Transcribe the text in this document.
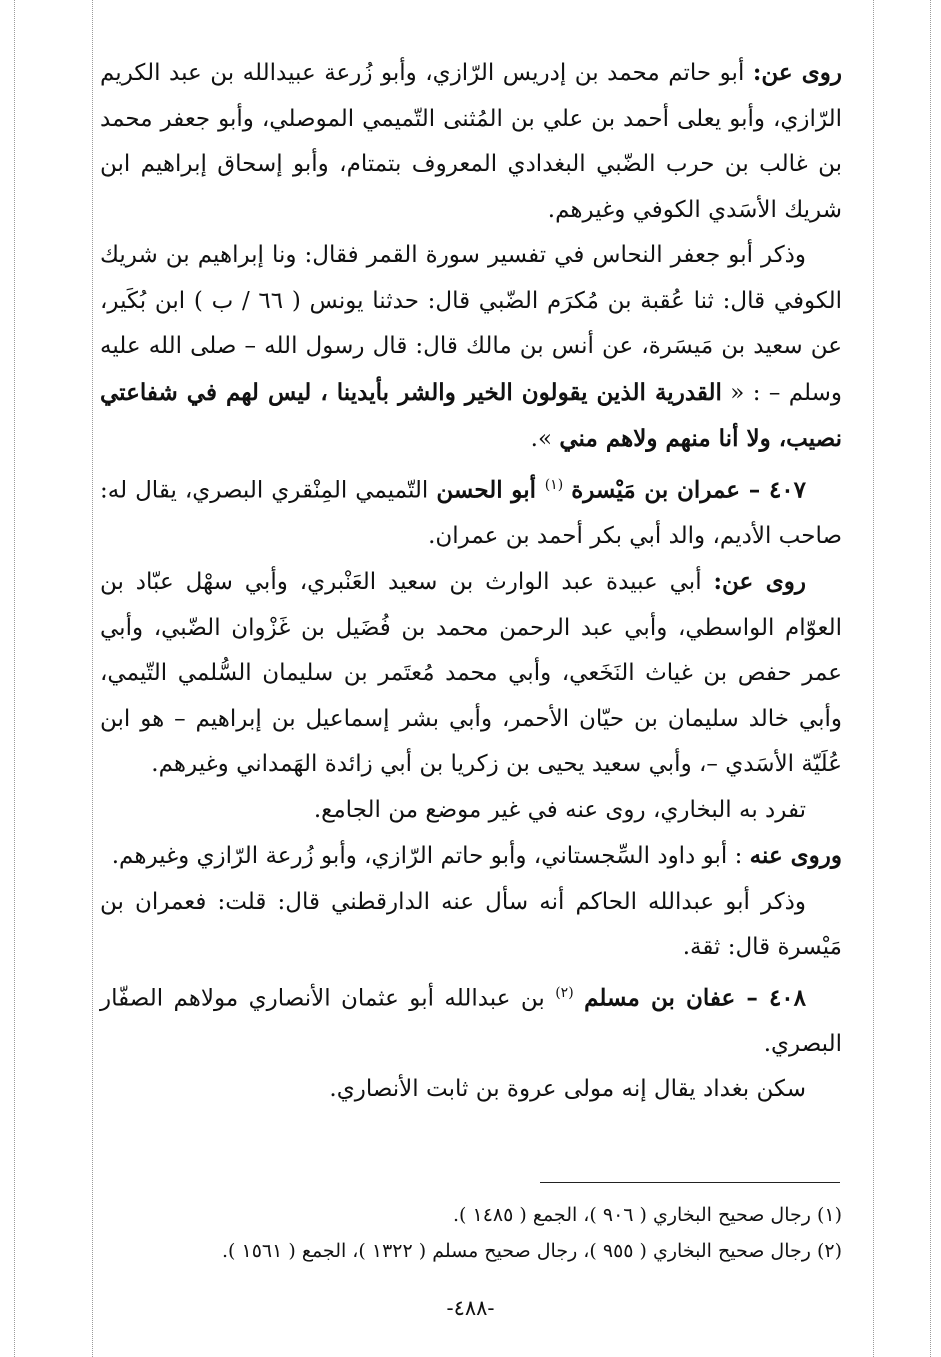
روى عن: أبو حاتم محمد بن إدريس الرّازي، وأبو زُرعة عبيدالله بن عبد الكريم الرّازي، وأبو يعلى أحمد بن علي بن المُثنى التّميمي الموصلي، وأبو جعفر محمد بن غالب بن حرب الضّبي البغدادي المعروف بتمتام، وأبو إسحاق إبراهيم ابن شريك الأسَدي الكوفي وغيرهم.

وذكر أبو جعفر النحاس في تفسير سورة القمر فقال: ونا إبراهيم بن شريك الكوفي قال: ثنا عُقبة بن مُكرَم الضّبي قال: حدثنا يونس ( ٦٦ / ب ) ابن بُكَير، عن سعيد بن مَيسَرة، عن أنس بن مالك قال: قال رسول الله – صلى الله عليه وسلم – : « القدرية الذين يقولون الخير والشر بأيدينا ، ليس لهم في شفاعتي نصيب، ولا أنا منهم ولاهم مني ».

٤٠٧ – عمران بن مَيْسرة $^{(١)}$ أبو الحسن التّميمي المِنْقري البصري، يقال له: صاحب الأديم، والد أبي بكر أحمد بن عمران.

روى عن: أبي عبيدة عبد الوارث بن سعيد العَنْبري، وأبي سهْل عبّاد بن العوّام الواسطي، وأبي عبد الرحمن محمد بن فُضَيل بن غَزْوان الضّبي، وأبي عمر حفص بن غياث النَخَعي، وأبي محمد مُعتَمر بن سليمان السُّلمي التّيمي، وأبي خالد سليمان بن حيّان الأحمر، وأبي بشر إسماعيل بن إبراهيم – هو ابن عُلَيّة الأسَدي –، وأبي سعيد يحيى بن زكريا بن أبي زائدة الهَمداني وغيرهم.

تفرد به البخاري، روى عنه في غير موضع من الجامع.

وروى عنه : أبو داود السِّجستاني، وأبو حاتم الرّازي، وأبو زُرعة الرّازي وغيرهم.

وذكر أبو عبدالله الحاكم أنه سأل عنه الدارقطني قال: قلت: فعمران بن مَيْسرة قال: ثقة.

٤٠٨ – عفان بن مسلم $^{(٢)}$ بن عبدالله أبو عثمان الأنصاري مولاهم الصفّار البصري.

سكن بغداد يقال إنه مولى عروة بن ثابت الأنصاري.

(١) رجال صحيح البخاري ( ٩٠٦ )، الجمع ( ١٤٨٥ ).

(٢) رجال صحيح البخاري ( ٩٥٥ )، رجال صحيح مسلم ( ١٣٢٢ )، الجمع ( ١٥٦١ ).

-٤٨٨-
